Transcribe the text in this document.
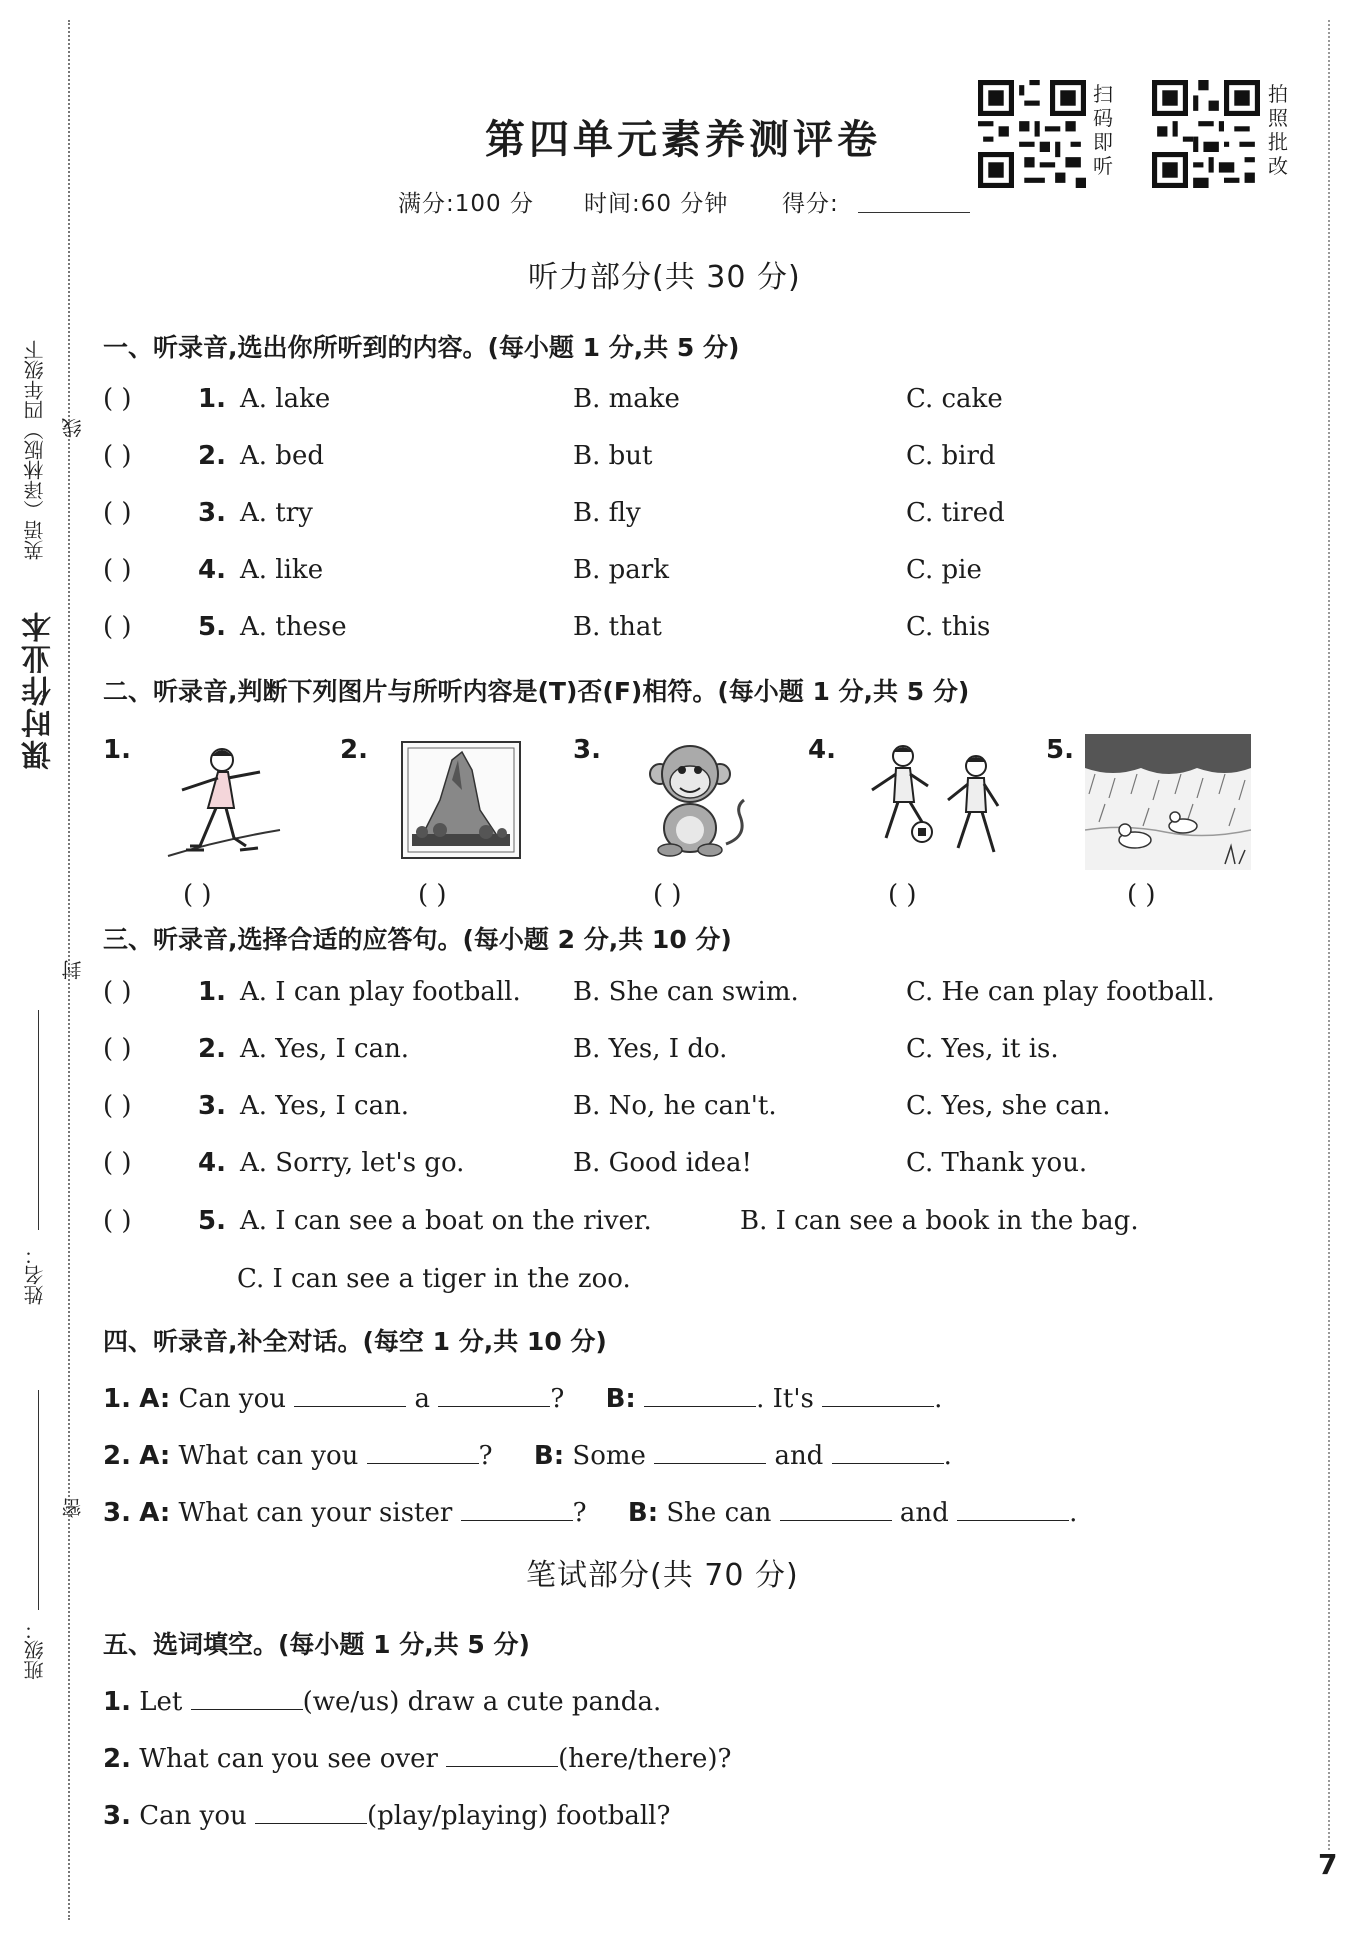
课时作业本
英语（译林版）四年级下 线
封
姓名：
密
班级：
第四单元素养测评卷
满分:100 分 时间:60 分钟 得分:
扫码即听
拍照批改
听力部分(共 30 分)
一、听录音,选出你所听到的内容。(每小题 1 分,共 5 分)
( )	1. A. lake	B. make	C. cake
( )	2. A. bed	B. but	C. bird
( )	3. A. try	B. fly	C. tired
( )	4. A. like	B. park	C. pie
( )	5. A. these	B. that	C. this
二、听录音,判断下列图片与所听内容是(T)否(F)相符。(每小题 1 分,共 5 分)
1.
( )
2.
( )
3.
( )
4.
( )
5.
( )
三、听录音,选择合适的应答句。(每小题 2 分,共 10 分)
( )	1. A. I can play football. B. She can swim.	C. He can play football.
( )	2. A. Yes, I can.	B. Yes, I do.	C. Yes, it is.
( )	3. A. Yes, I can.	B. No, he can't.	C. Yes, she can.
( )	4. A. Sorry, let's go.	B. Good idea!	C. Thank you.
( )	5. A. I can see a boat on the river.	B. I can see a book in the bag.
C. I can see a tiger in the zoo.
四、听录音,补全对话。(每空 1 分,共 10 分)
1. A: Can you	a	? B:	. It's	.
2. A: What can you	? B: Some	and	.
3. A: What can your sister	? B: She can	and	.
笔试部分(共 70 分)
五、选词填空。(每小题 1 分,共 5 分)
1. Let	(we/us) draw a cute panda.
2. What can you see over	(here/there)?
3. Can you	(play/playing) football?
7
